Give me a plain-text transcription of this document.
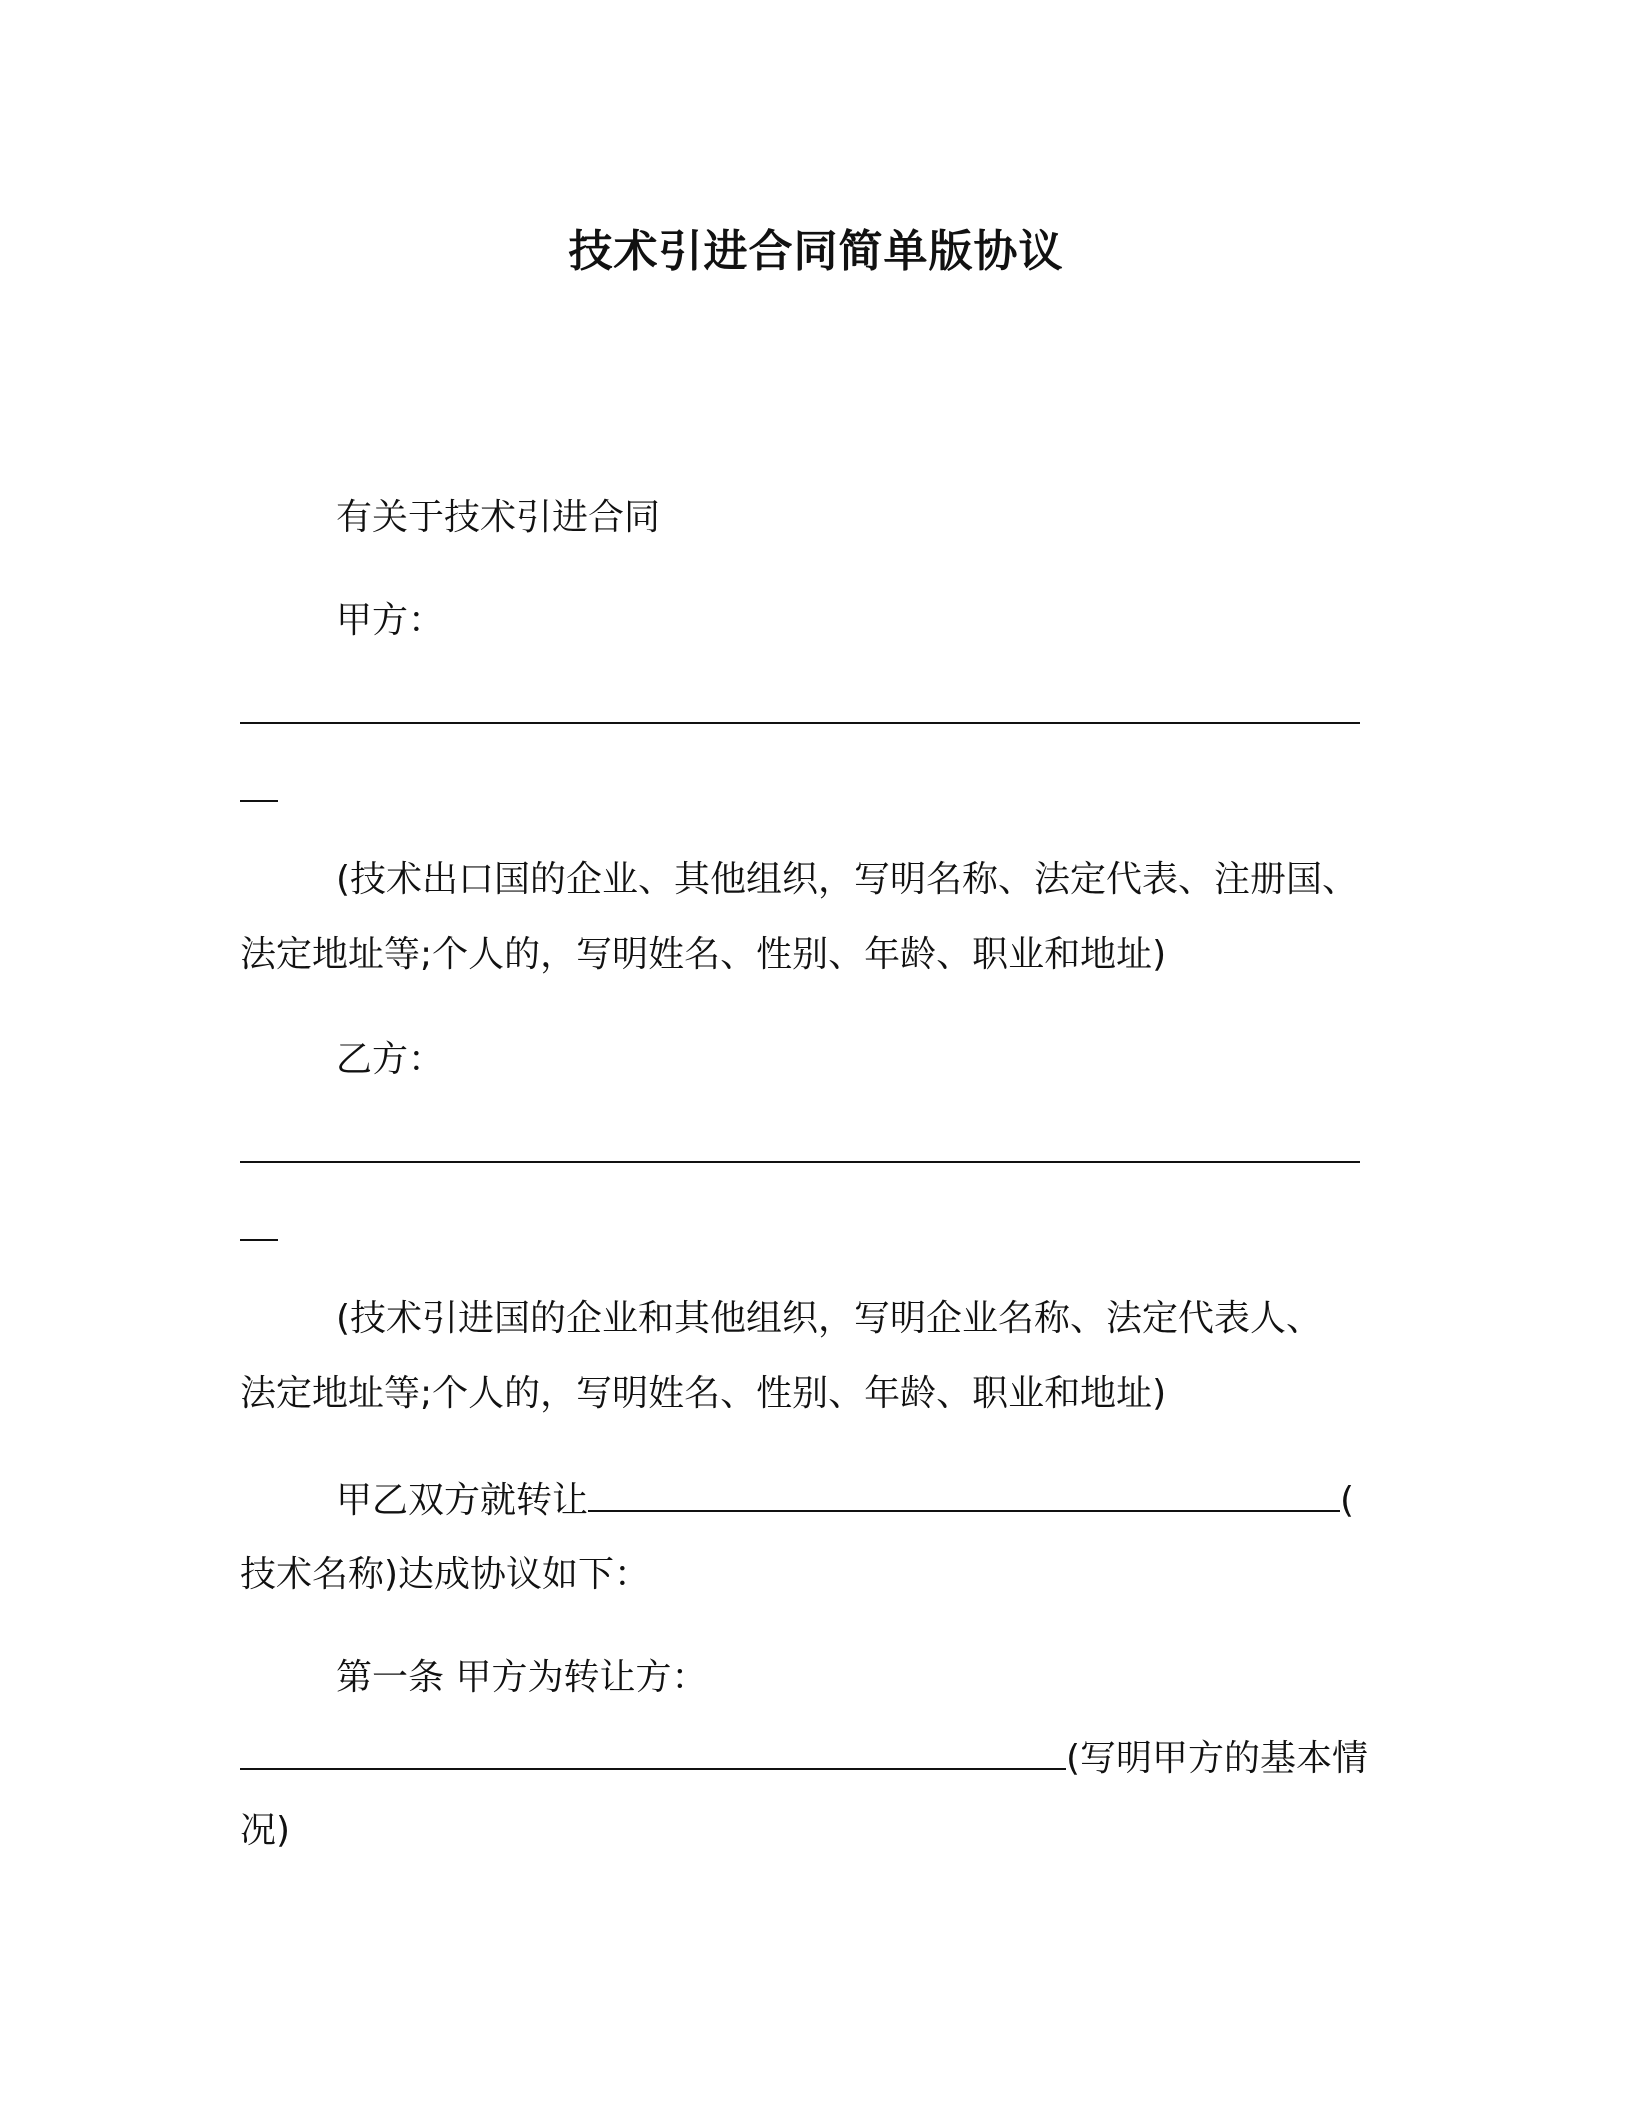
技术引进合同简单版协议
有关于技术引进合同
甲方：
(技术出口国的企业、其他组织，写明名称、法定代表、注册国、
法定地址等;个人的，写明姓名、性别、年龄、职业和地址)
乙方：
(技术引进国的企业和其他组织，写明企业名称、法定代表人、
法定地址等;个人的，写明姓名、性别、年龄、职业和地址)
甲乙双方就转让	(
技术名称)达成协议如下：
第一条 甲方为转让方：
(写明甲方的基本情
况)
